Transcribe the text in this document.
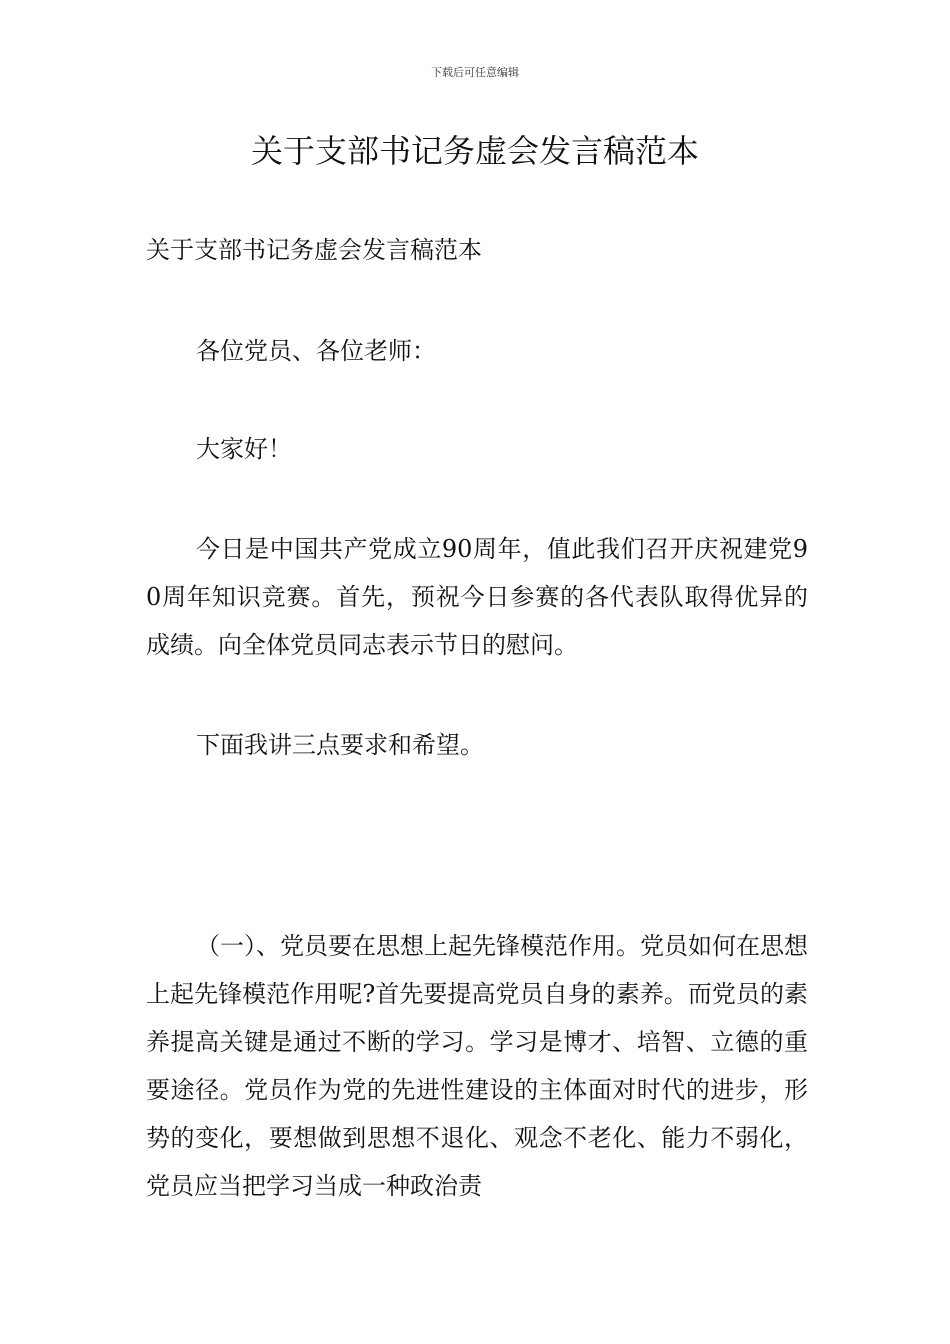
下载后可任意编辑
关于支部书记务虚会发言稿范本

关于支部书记务虚会发言稿范本

各位党员、各位老师：

大家好！

今日是中国共产党成立90周年，值此我们召开庆祝建党90周年知识竞赛。首先，预祝今日参赛的各代表队取得优异的成绩。向全体党员同志表示节日的慰问。

下面我讲三点要求和希望。

（一）、党员要在思想上起先锋模范作用。党员如何在思想上起先锋模范作用呢?首先要提高党员自身的素养。而党员的素养提高关键是通过不断的学习。学习是博才、培智、立德的重要途径。党员作为党的先进性建设的主体面对时代的进步，形势的变化，要想做到思想不退化、观念不老化、能力不弱化，党员应当把学习当成一种政治责
